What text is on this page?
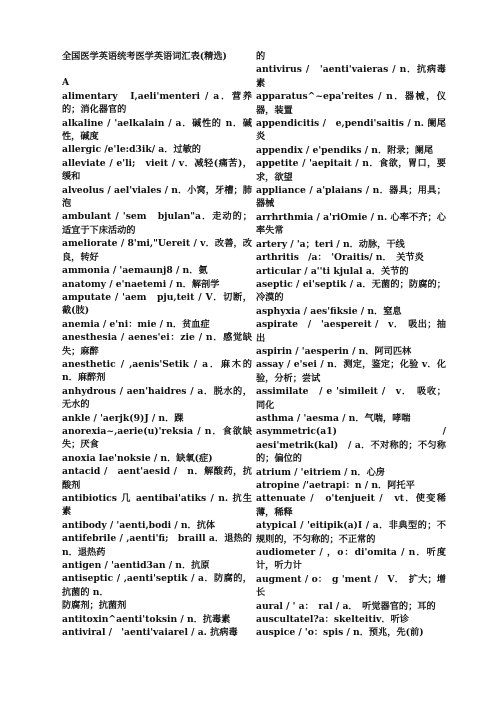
全国医学英语统考医学英语词汇表(精选)
A
alimentary　I,aeli'menteri / a．营养的；消化器官的
alkaline / 'aelkalain / a．碱性的 n．碱性，碱度
allergic /e'le:d3ik/ a．过敏的
alleviate / e'li;　vieit / v．减轻(痛苦)，缓和
alveolus / ael'viales / n．小窝，牙槽；肺泡
ambulant / 'sem　bjulan"a．走动的；适宜于下床活动的
ameliorate / 8'mi,"Uereit / v．改善，改良，转好
ammonia / 'aemaunj8 / n．氨
anatomy / e'naetemi / n．解剖学
amputate / 'aem　pju,teit / V．切断，截(肢)
anemia / e'ni：mie / n．贫血症
anesthesia / aenes'ei：zie / n．感觉缺失；麻醉
anesthetic / ,aenis'Setik / a．麻木的 n．麻醉剂
anhydrous / aen'haidres / a．脱水的，无水的
ankle / 'aerjk(9)J / n．踝
anorexia~,aerie(u)'reksia / n．食欲缺失；厌食
anoxia lae'noksie / n．缺氧(症)
antacid /　aent'aesid /　n．解酸药，抗酸剂
antibiotics 几 aentibai'atiks / n. 抗生素
antibody / 'aenti,bodi / n．抗体
antifebrile / ,aenti'fi;　braill a．退热的 n．退热药
antigen / 'aentid3an / n．抗原
antiseptic / ,aenti'septik / a．防腐的，抗菌的 n．
防腐剂；抗菌剂
antitoxin^aenti'toksin / n．抗毒素
antiviral /　'aenti'vaiarel / a. 抗病毒
的
antivirus /　'aenti'vaieras / n．抗病毒素
apparatus^~epa'reites / n．器械，仪器，装置
appendicitis /　e,pendi'saitis / n. 阑尾炎
appendix / e'pendiks / n．附录；阑尾
appetite / 'aepitait / n．食欲，胃口，要求，欲望
appliance / a'plaians / n．器具；用具；器械
arrhrthmia / a'riOmie / n. 心率不齐；心率失常
artery / 'a；teri / n．动脉，干线
arthritis　/a：　'Oraitis/ n．　关节炎
articular / a''ti kjulal a．关节的
aseptic / ei'septik / a．无菌的；防腐的；冷漠的
asphyxia / aes'fiksie / n．窒息
aspirate　/　'aespereit /　v．　吸出；抽出
aspirin / 'aesperin / n．阿司匹林
assay / e'sei / n．测定，鉴定；化验 v．化验，分析；尝试
assimilate　/ e 'simileit /　v．　吸收；同化
asthma / 'aesma / n．气喘，哮喘
asymmetric(a1)　/　aesi'metrik(kal)　/ a．不对称的；不匀称的；偏位的
atrium / 'eitriem / n．心房
atropine /'aetrapi：n / n．阿托平
attenuate /　o'tenjueit /　vt．使变稀薄，稀释
atypical / 'eitipik(a)I / a．非典型的；不规则的，不匀称的；不正常的
audiometer / ，o：di'omita / n．听度计，听力计
augment / o：　g 'ment /　V．　扩大；增长
aural / ' a：　ral / a．　听觉器官的；耳的
auscultatel?a：skelteitiv．听诊
auspice / 'o：spis / n．预兆，先(前)
